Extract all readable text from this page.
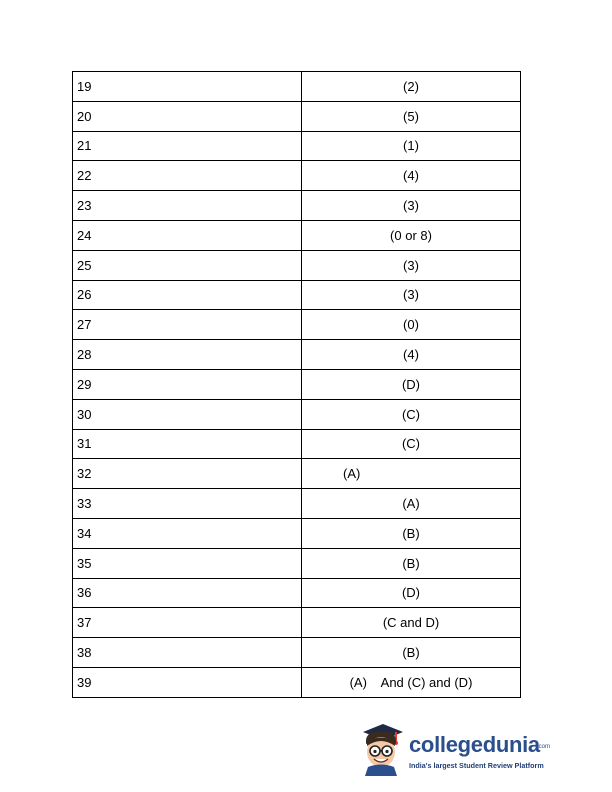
19	(2)
20	(5)
21	(1)
22	(4)
23	(3)
24	(0 or 8)
25	(3)
26	(3)
27	(0)
28	(4)
29	(D)
30	(C)
31	(C)
32	(A)
33	(A)
34	(B)
35	(B)
36	(D)
37	(C and D)
38	(B)
39	(A)    And (C) and (D)
collegedunia
.com
India's largest Student Review Platform
